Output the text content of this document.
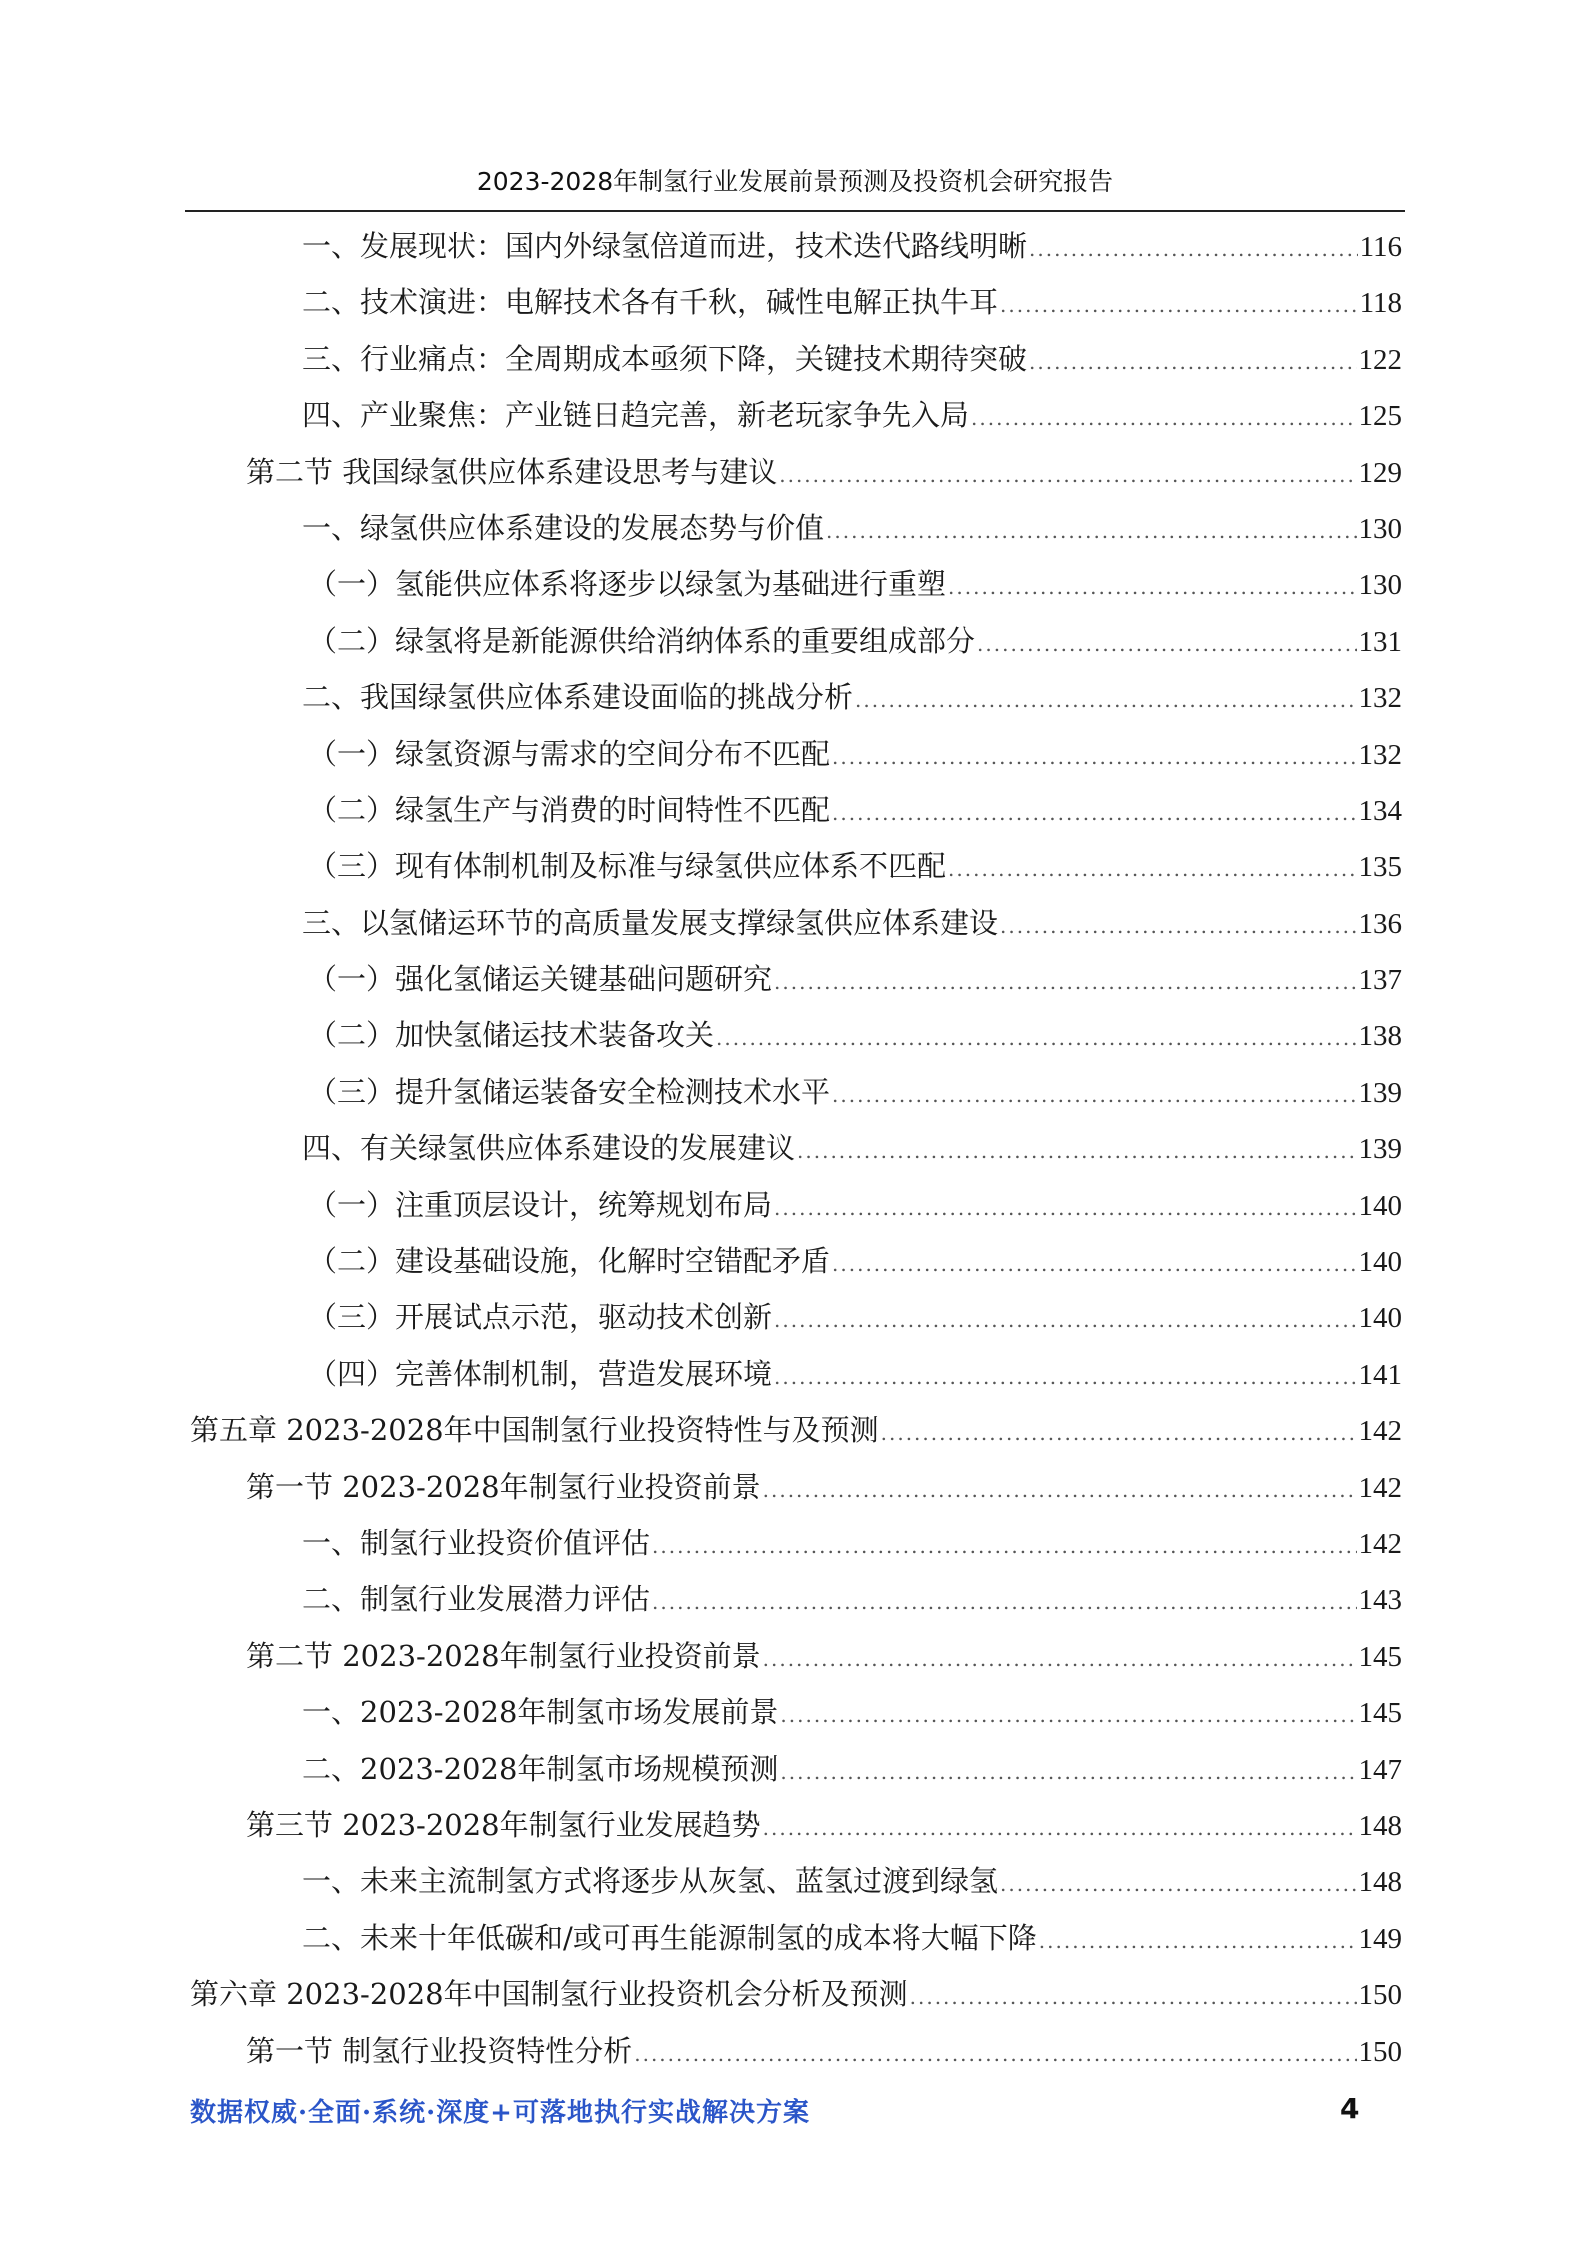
2023-2028年制氢行业发展前景预测及投资机会研究报告
一、发展现状：国内外绿氢倍道而进，技术迭代路线明晰 .....	116
二、技术演进：电解技术各有千秋，碱性电解正执牛耳 .....	118
三、行业痛点：全周期成本亟须下降，关键技术期待突破 .....	122
四、产业聚焦：产业链日趋完善，新老玩家争先入局 .....	125
第二节 我国绿氢供应体系建设思考与建议 .....	129
一、绿氢供应体系建设的发展态势与价值 .....	130
（一）氢能供应体系将逐步以绿氢为基础进行重塑 .....	130
（二）绿氢将是新能源供给消纳体系的重要组成部分 .....	131
二、我国绿氢供应体系建设面临的挑战分析 .....	132
（一）绿氢资源与需求的空间分布不匹配 .....	132
（二）绿氢生产与消费的时间特性不匹配 .....	134
（三）现有体制机制及标准与绿氢供应体系不匹配 .....	135
三、以氢储运环节的高质量发展支撑绿氢供应体系建设 .....	136
（一）强化氢储运关键基础问题研究 .....	137
（二）加快氢储运技术装备攻关 .....	138
（三）提升氢储运装备安全检测技术水平 .....	139
四、有关绿氢供应体系建设的发展建议 .....	139
（一）注重顶层设计，统筹规划布局 .....	140
（二）建设基础设施，化解时空错配矛盾 .....	140
（三）开展试点示范，驱动技术创新 .....	140
（四）完善体制机制，营造发展环境 .....	141
第五章 2023-2028年中国制氢行业投资特性与及预测 .....	142
第一节 2023-2028年制氢行业投资前景 .....	142
一、制氢行业投资价值评估 .....	142
二、制氢行业发展潜力评估 .....	143
第二节 2023-2028年制氢行业投资前景 .....	145
一、2023-2028年制氢市场发展前景 .....	145
二、2023-2028年制氢市场规模预测 .....	147
第三节 2023-2028年制氢行业发展趋势 .....	148
一、未来主流制氢方式将逐步从灰氢、蓝氢过渡到绿氢 .....	148
二、未来十年低碳和/或可再生能源制氢的成本将大幅下降 .....	149
第六章 2023-2028年中国制氢行业投资机会分析及预测 .....	150
第一节 制氢行业投资特性分析 .....	150
数据权威·全面·系统·深度+可落地执行实战解决方案	4
